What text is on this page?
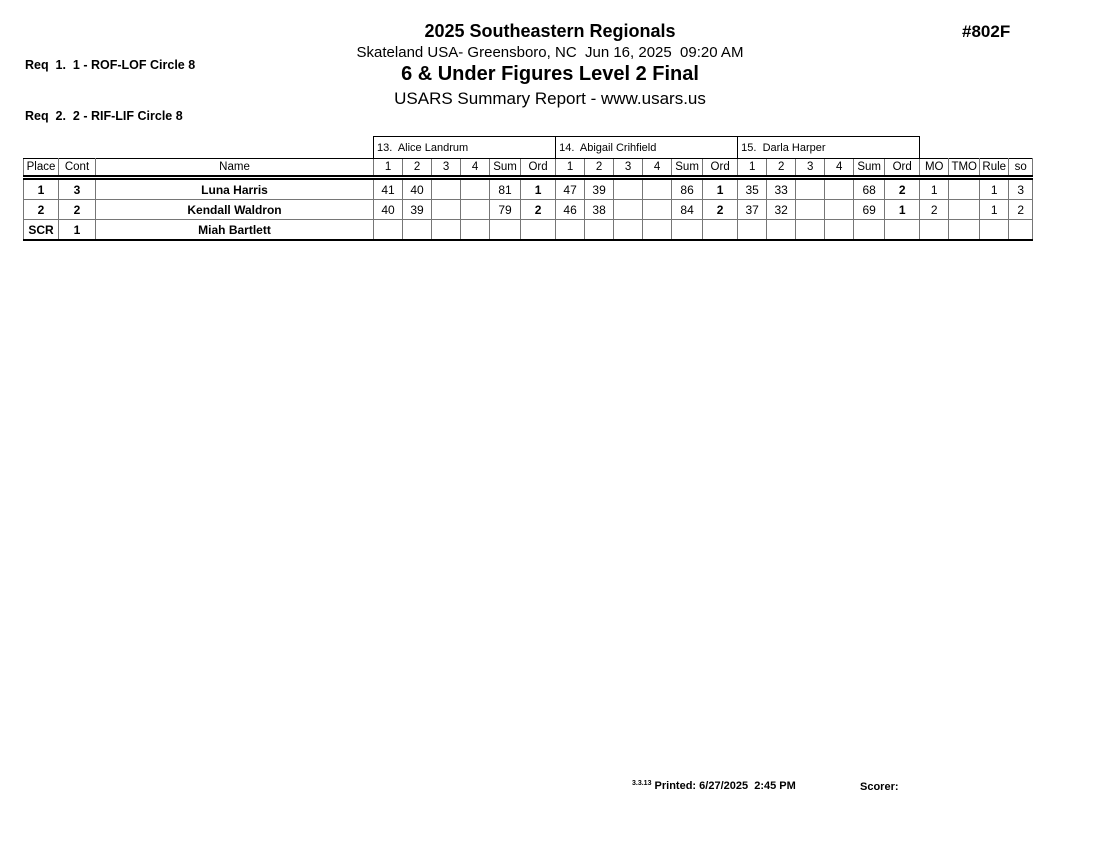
Req  1.  1 - ROF-LOF Circle 8

Req  2.  2 - RIF-LIF Circle 8

2025 Southeastern Regionals
Skateland USA- Greensboro, NC  Jun 16, 2025  09:20 AM
6 & Under Figures Level 2 Final
USARS Summary Report - www.usars.us
#802F
			13.  Alice Landrum						14.  Abigail Crihfield						15.  Darla Harper									
Place	Cont	Name	1	2	3	4	Sum	Ord	1	2	3	4	Sum	Ord	1	2	3	4	Sum	Ord	MO	TMO	Rule	so
1	3	Luna Harris	41	40			81	1	47	39			86	1	35	33			68	2	1		1	3
2	2	Kendall Waldron	40	39			79	2	46	38			84	2	37	32			69	1	2		1	2
SCR	1	Miah Bartlett																						
$^{3.3.13}$ Printed: 6/27/2025  2:45 PM	Scorer:
